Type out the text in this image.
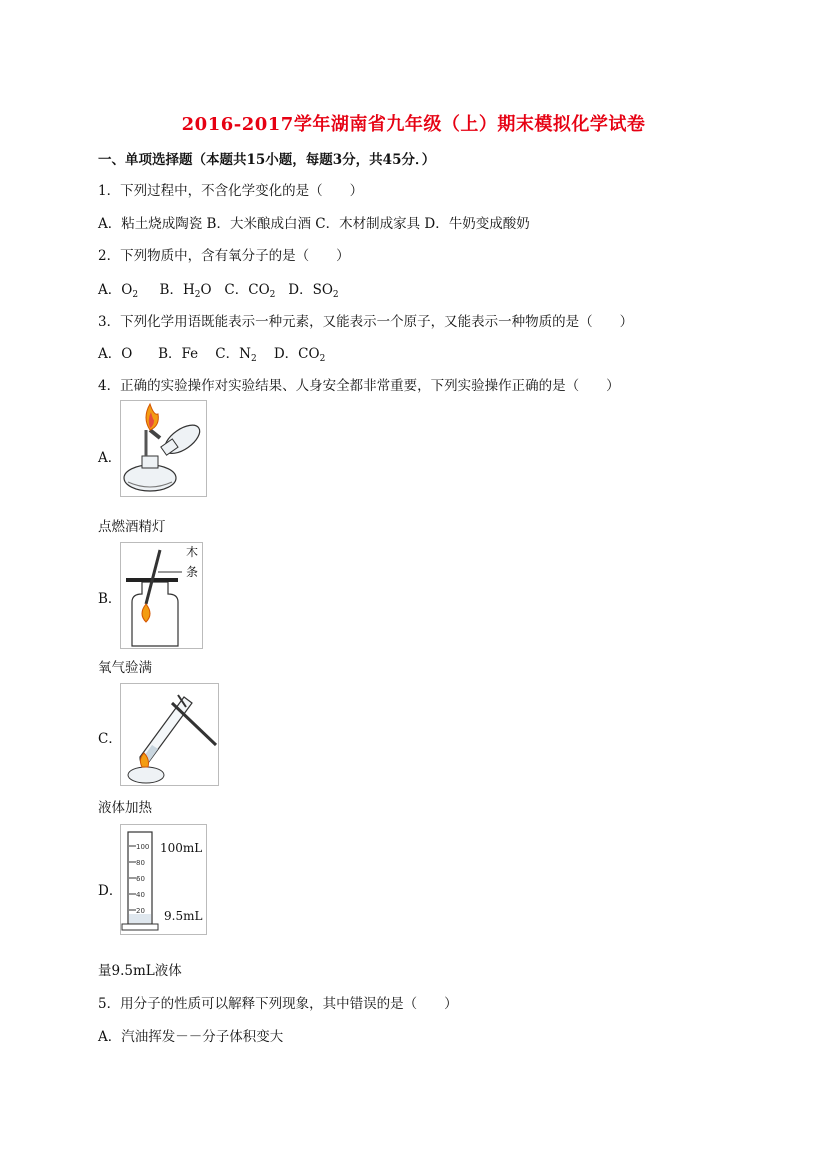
2016-2017学年湖南省九年级（上）期末模拟化学试卷
一、单项选择题（本题共15小题，每题3分，共45分．）
1．下列过程中，不含化学变化的是（　　）
A．粘土烧成陶瓷 B．大米酿成白酒 C．木材制成家具 D．牛奶变成酸奶
2．下列物质中，含有氧分子的是（　　）
A．$O_2$ B．$H_2O$ C．$CO_2$ D．$SO_2$
3．下列化学用语既能表示一种元素，又能表示一个原子，又能表示一种物质的是（　　）
A．O B．Fe C．$N_2$ D．$CO_2$
4．正确的实验操作对实验结果、人身安全都非常重要，下列实验操作正确的是（　　）
A．
点燃酒精灯
B．
木
条
氧气验满
C．
液体加热
D．
100
80
60
40
20
100mL
9.5mL
量9.5mL液体
5．用分子的性质可以解释下列现象，其中错误的是（　　）
A．汽油挥发－－分子体积变大
